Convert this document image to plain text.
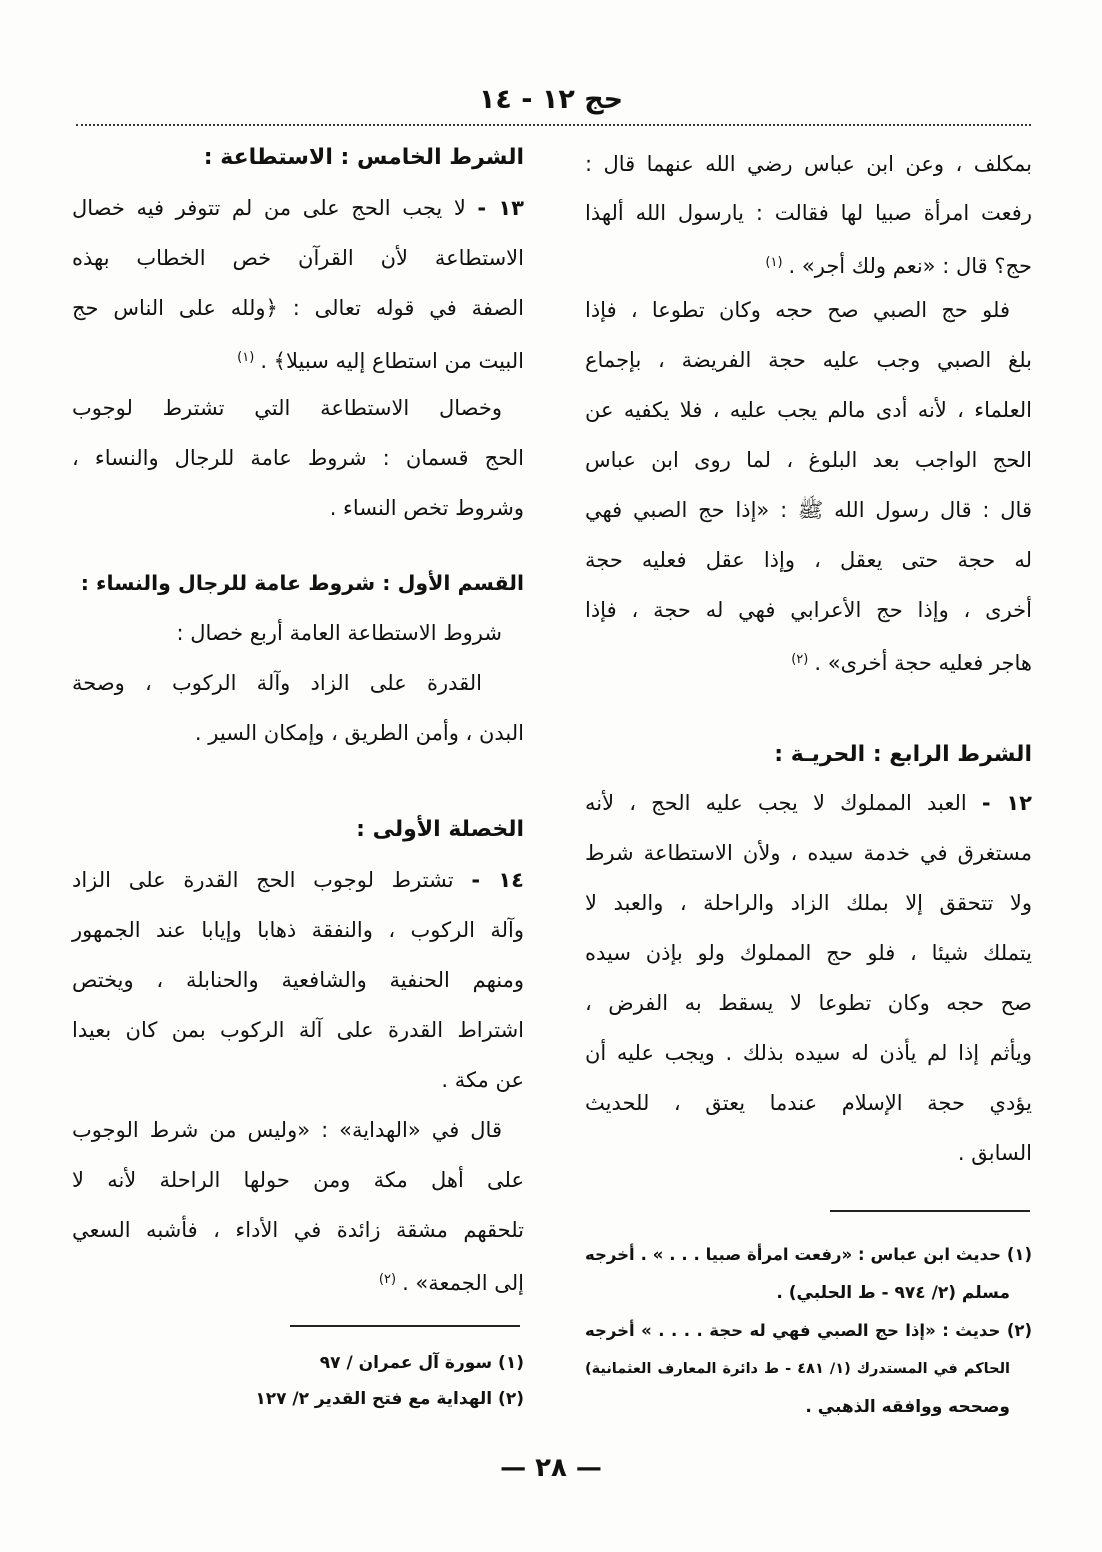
حج ١٢ - ١٤
بمكلف ، وعن ابن عباس رضي الله عنهما قال :
رفعت امرأة صبيا لها فقالت : يارسول الله ألهذا
حج؟ قال : «نعم ولك أجر» .$^{(١)}$
فلو حج الصبي صح حجه وكان تطوعا ، فإذا
بلغ الصبي وجب عليه حجة الفريضة ، بإجماع
العلماء ، لأنه أدى مالم يجب عليه ، فلا يكفيه عن
الحج الواجب بعد البلوغ ، لما روى ابن عباس
قال : قال رسول الله ﷺ : «إذا حج الصبي فهي
له حجة حتى يعقل ، وإذا عقل فعليه حجة
أخرى ، وإذا حج الأعرابي فهي له حجة ، فإذا
هاجر فعليه حجة أخرى» .$^{(٢)}$
الشرط الرابع : الحريـة :
١٢ - العبد المملوك لا يجب عليه الحج ، لأنه
مستغرق في خدمة سيده ، ولأن الاستطاعة شرط
ولا تتحقق إلا بملك الزاد والراحلة ، والعبد لا
يتملك شيئا ، فلو حج المملوك ولو بإذن سيده
صح حجه وكان تطوعا لا يسقط به الفرض ،
ويأثم إذا لم يأذن له سيده بذلك . ويجب عليه أن
يؤدي حجة الإسلام عندما يعتق ، للحديث
السابق .
(١) حديث ابن عباس : «رفعت امرأة صبيا . . . » . أخرجه
مسلم (٢/ ٩٧٤ - ط الحلبي) .
(٢) حديث : «إذا حج الصبي فهي له حجة . . . . » أخرجه
الحاكم في المستدرك (١/ ٤٨١ - ط دائرة المعارف العثمانية)
وصححه ووافقه الذهبي .
الشرط الخامس : الاستطاعة :
١٣ - لا يجب الحج على من لم تتوفر فيه خصال
الاستطاعة لأن القرآن خص الخطاب بهذه
الصفة في قوله تعالى : ﴿ولله على الناس حج
البيت من استطاع إليه سبيلا﴾ .$^{(١)}$
وخصال الاستطاعة التي تشترط لوجوب
الحج قسمان : شروط عامة للرجال والنساء ،
وشروط تخص النساء .
القسم الأول : شروط عامة للرجال والنساء :
شروط الاستطاعة العامة أربع خصال :
القدرة على الزاد وآلة الركوب ، وصحة
البدن ، وأمن الطريق ، وإمكان السير .
الخصلة الأولى :
١٤ - تشترط لوجوب الحج القدرة على الزاد
وآلة الركوب ، والنفقة ذهابا وإيابا عند الجمهور
ومنهم الحنفية والشافعية والحنابلة ، ويختص
اشتراط القدرة على آلة الركوب بمن كان بعيدا
عن مكة .
قال في «الهداية» : «وليس من شرط الوجوب
على أهل مكة ومن حولها الراحلة لأنه لا
تلحقهم مشقة زائدة في الأداء ، فأشبه السعي
إلى الجمعة» .$^{(٢)}$
(١) سورة آل عمران / ٩٧
(٢) الهداية مع فتح القدير ٢/ ١٢٧
— ٢٨ —
